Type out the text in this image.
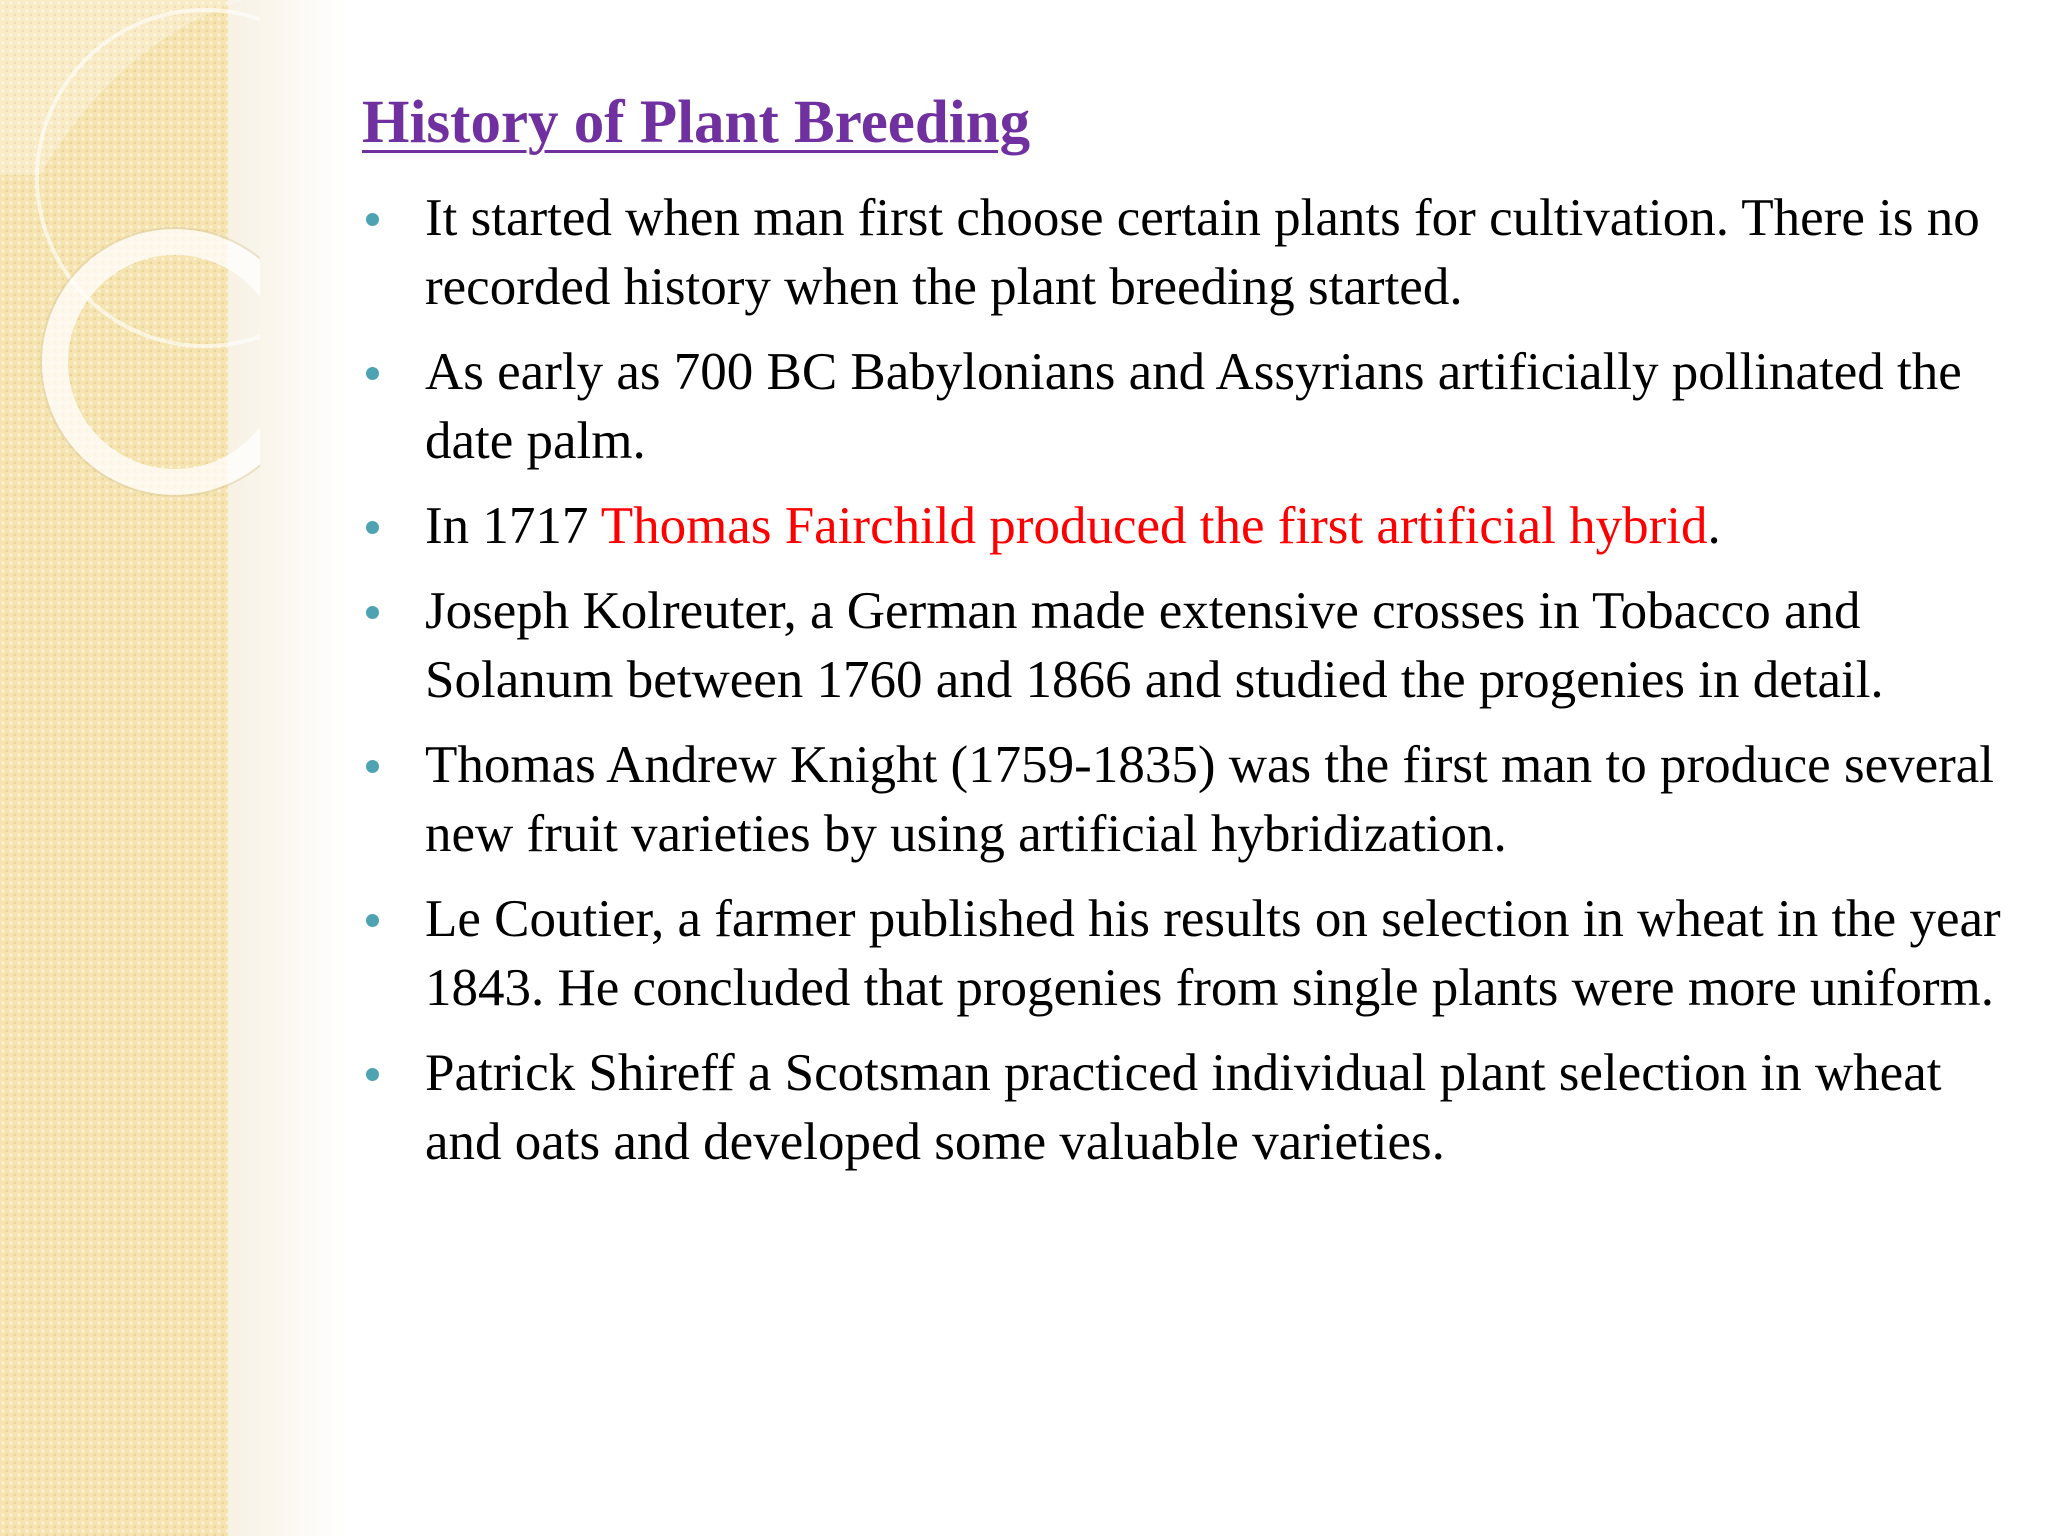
History of Plant Breeding
It started when man first choose certain plants for cultivation. There is no recorded history when the plant breeding started.
As early as 700 BC Babylonians and Assyrians artificially pollinated the date palm.
In 1717 Thomas Fairchild produced the first artificial hybrid.
Joseph Kolreuter, a German made extensive crosses in Tobacco and Solanum between 1760 and 1866 and studied the progenies in detail.
Thomas Andrew Knight (1759-1835) was the first man to produce several new fruit varieties by using artificial hybridization.
Le Coutier, a farmer published his results on selection in wheat in the year 1843. He concluded that progenies from single plants were more uniform.
Patrick Shireff a Scotsman practiced individual plant selection in wheat and oats and developed some valuable varieties.
